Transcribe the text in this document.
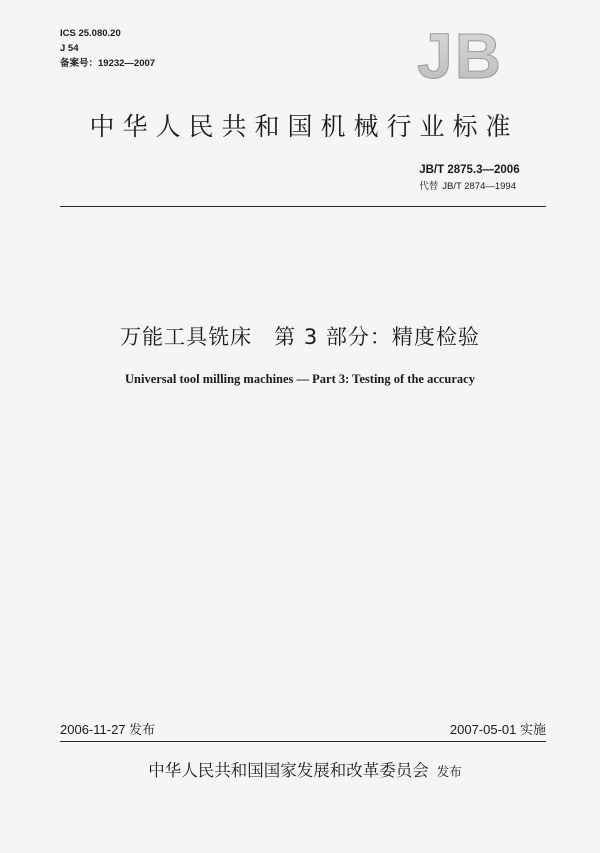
ICS 25.080.20
J 54
备案号：19232—2007	JB
中华人民共和国机械行业标准
JB/T 2875.3—2006
代替 JB/T 2874—1994
万能工具铣床 第 3 部分：精度检验
Universal tool milling machines — Part 3: Testing of the accuracy
2006-11-27 发布	2007-05-01 实施
中华人民共和国国家发展和改革委员会 发布
